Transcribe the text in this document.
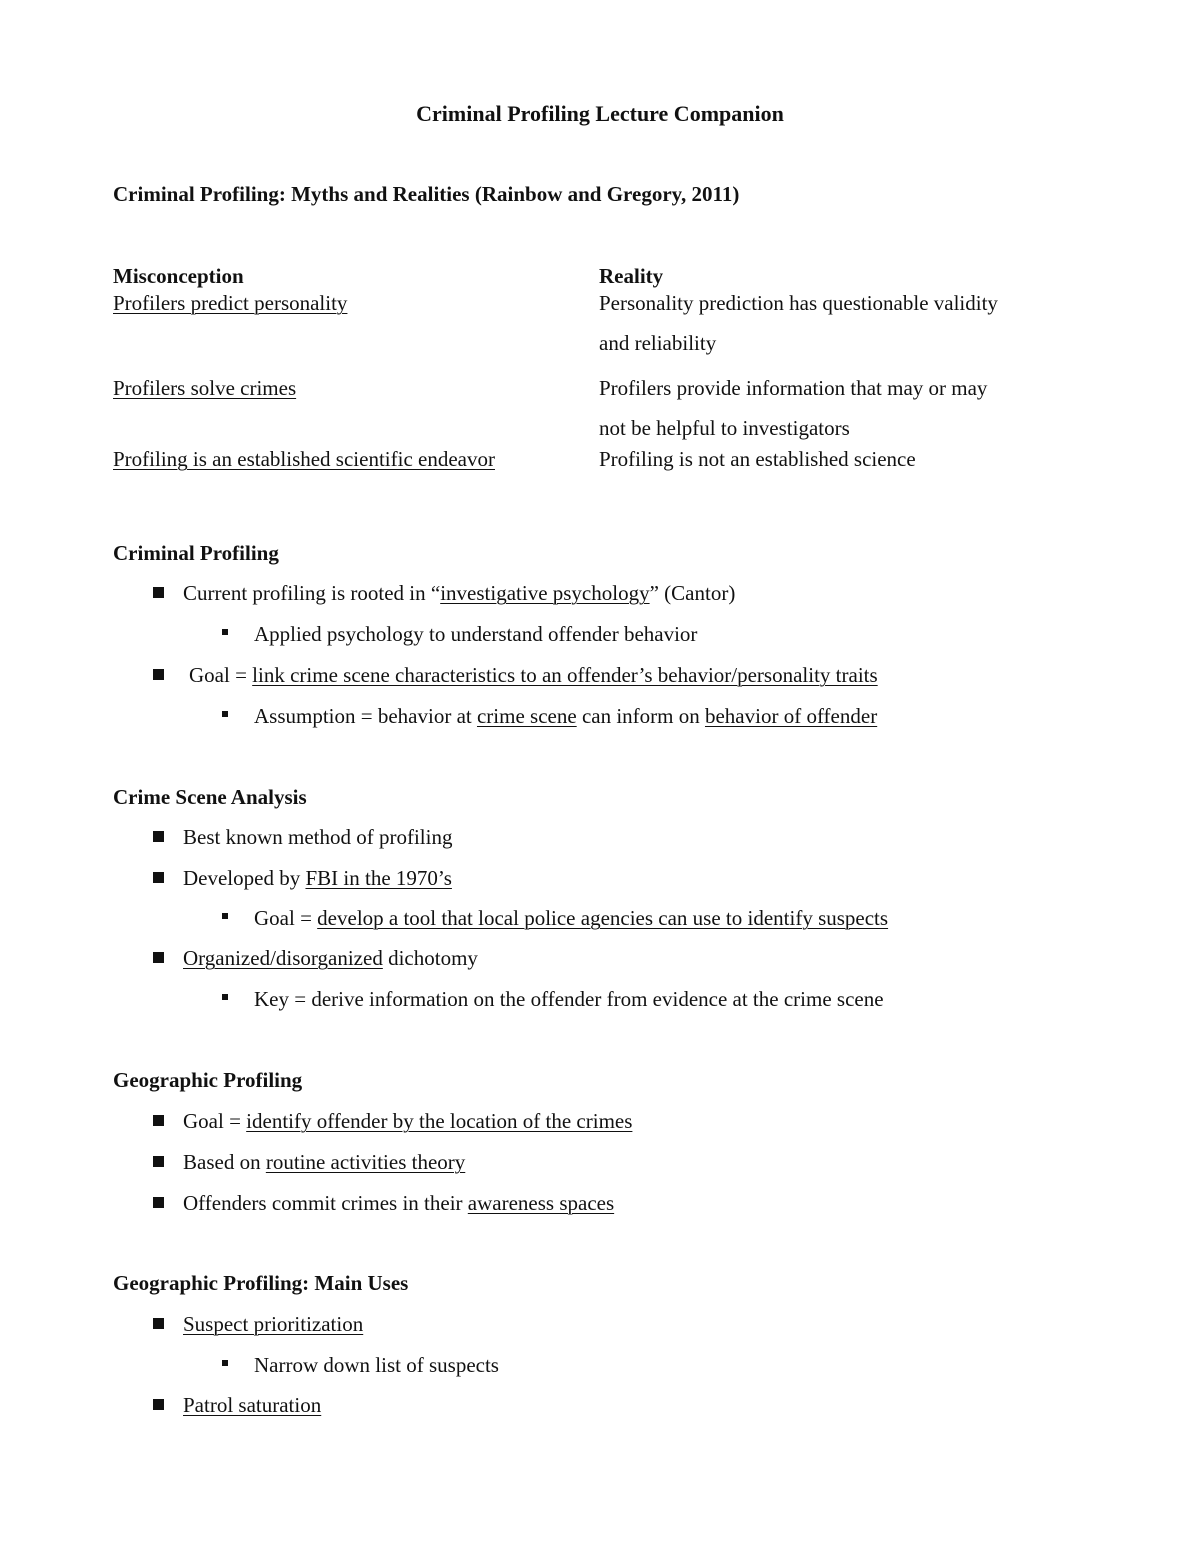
Criminal Profiling Lecture Companion
Criminal Profiling: Myths and Realities (Rainbow and Gregory, 2011)
Misconception	Reality
Profilers predict personality	Personality prediction has questionable validity
and reliability
Profilers solve crimes	Profilers provide information that may or may
not be helpful to investigators
Profiling is an established scientific endeavor	Profiling is not an established science
Criminal Profiling
Current profiling is rooted in “investigative psychology” (Cantor)
Applied psychology to understand offender behavior
Goal = link crime scene characteristics to an offender’s behavior/personality traits
Assumption = behavior at crime scene can inform on behavior of offender
Crime Scene Analysis
Best known method of profiling
Developed by FBI in the 1970’s
Goal = develop a tool that local police agencies can use to identify suspects
Organized/disorganized dichotomy
Key = derive information on the offender from evidence at the crime scene
Geographic Profiling
Goal = identify offender by the location of the crimes
Based on routine activities theory
Offenders commit crimes in their awareness spaces
Geographic Profiling: Main Uses
Suspect prioritization
Narrow down list of suspects
Patrol saturation
